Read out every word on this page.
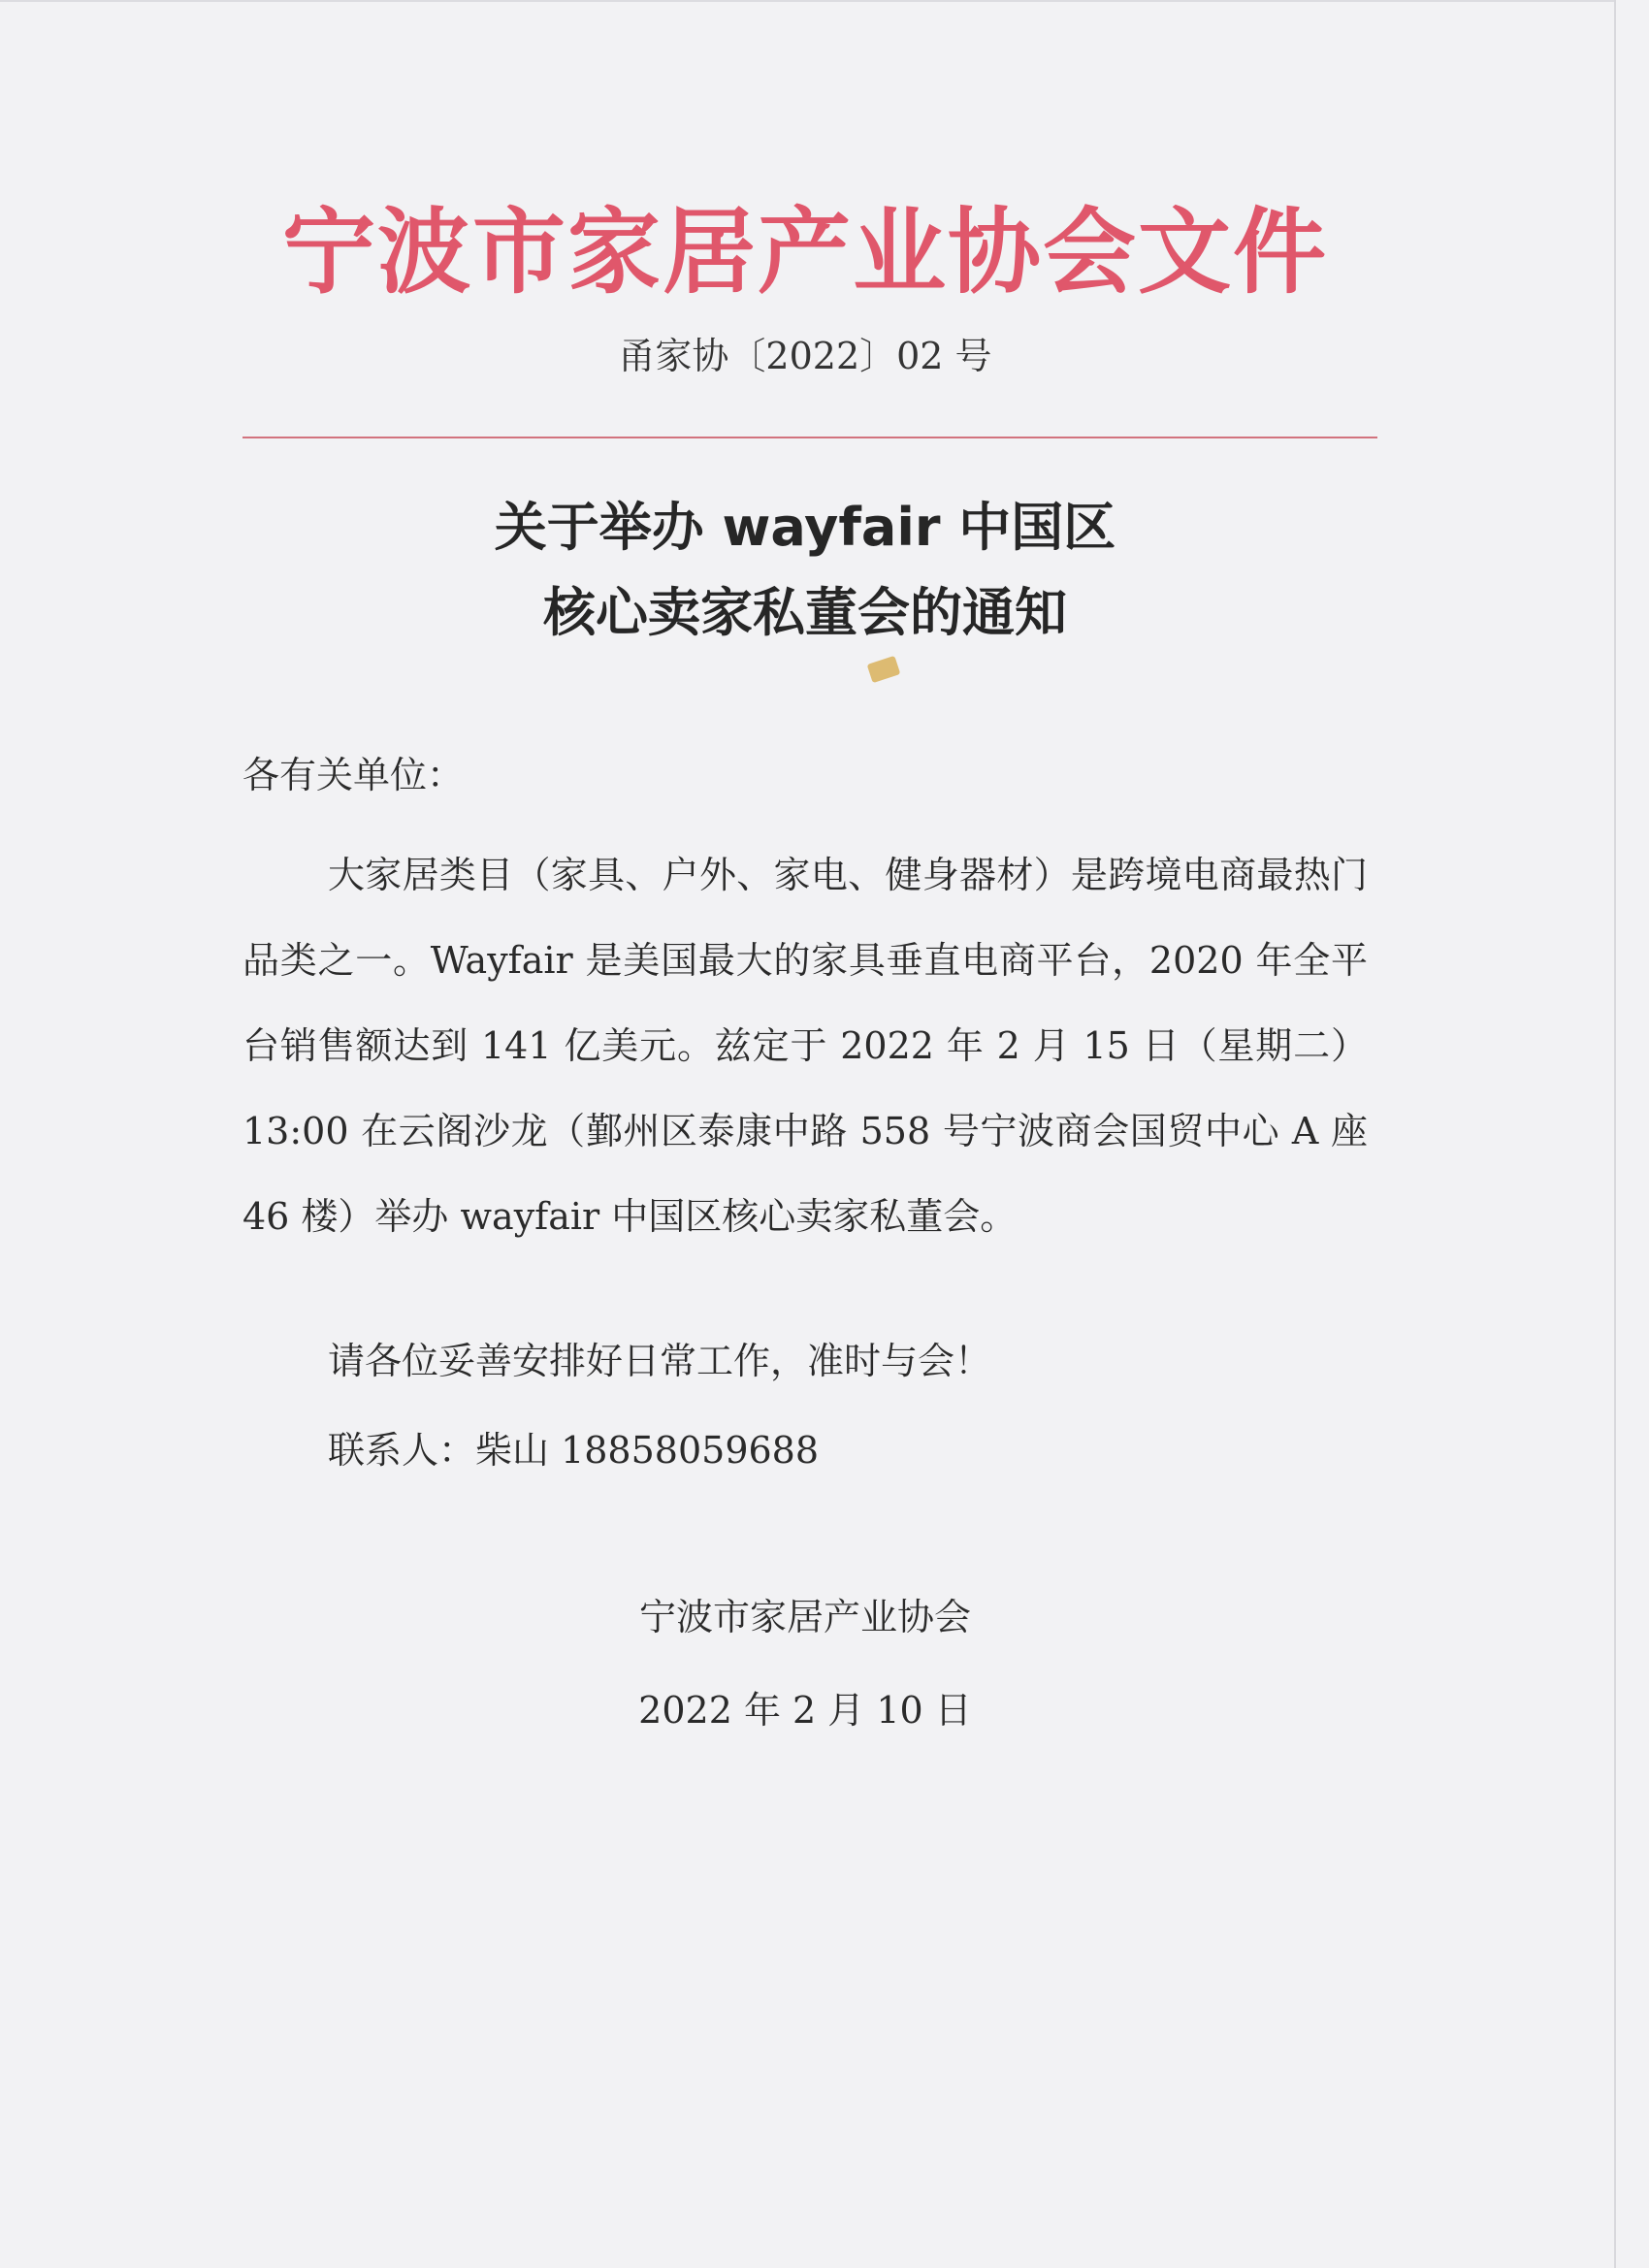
宁波市家居产业协会文件
甬家协〔2022〕02 号
关于举办 wayfair 中国区
核心卖家私董会的通知
各有关单位：

大家居类目（家具、户外、家电、健身器材）是跨境电商最热门品类之一。Wayfair 是美国最大的家具垂直电商平台，2020 年全平台销售额达到 141 亿美元。兹定于 2022 年 2 月 15 日（星期二）13:00 在云阁沙龙（鄞州区泰康中路 558 号宁波商会国贸中心 A 座 46 楼）举办 wayfair 中国区核心卖家私董会。

请各位妥善安排好日常工作，准时与会！
联系人：柴山 18858059688
宁波市家居产业协会
2022 年 2 月 10 日
